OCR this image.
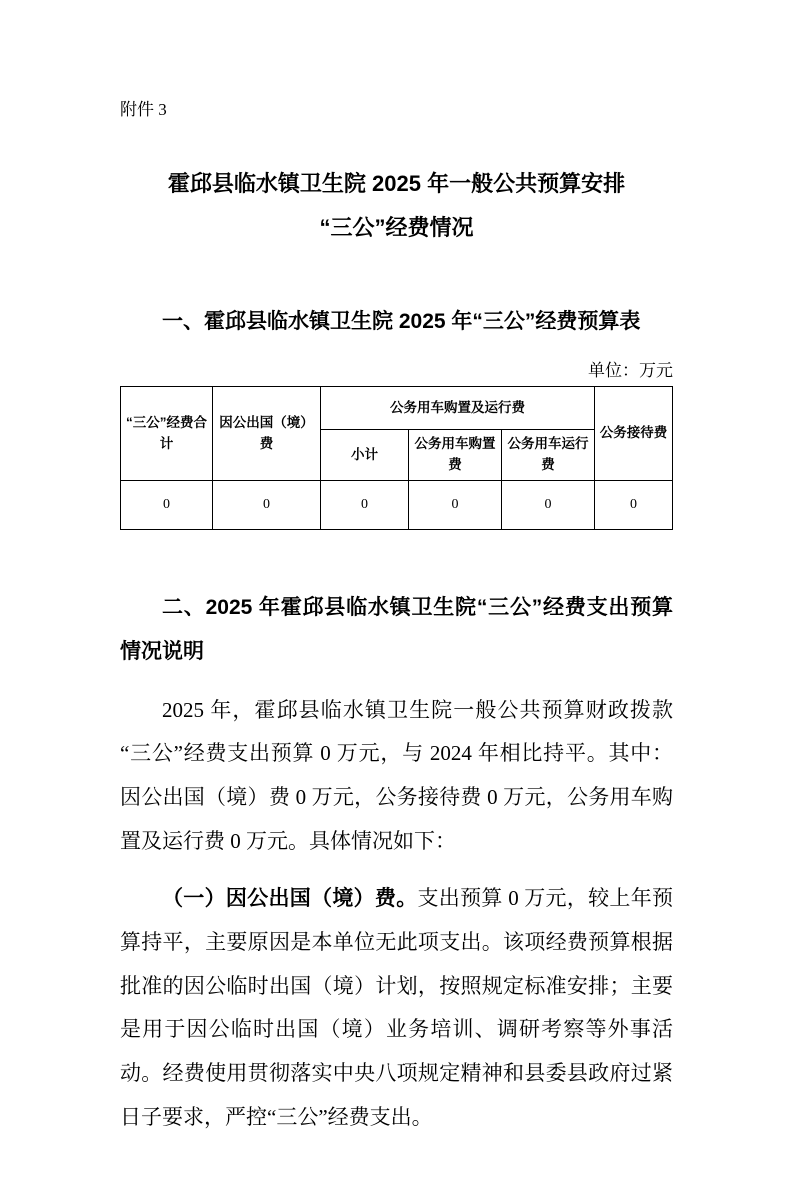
附件 3
霍邱县临水镇卫生院 2025 年一般公共预算安排
“三公”经费情况
一、霍邱县临水镇卫生院 2025 年“三公”经费预算表
单位：万元
“三公”经费合计	因公出国（境）费	公务用车购置及运行费			公务接待费
		小计	公务用车购置费	公务用车运行费	
0	0	0	0	0	0
二、2025 年霍邱县临水镇卫生院“三公”经费支出预算情况说明

2025 年，霍邱县临水镇卫生院一般公共预算财政拨款“三公”经费支出预算 0 万元，与 2024 年相比持平。其中：因公出国（境）费 0 万元，公务接待费 0 万元，公务用车购置及运行费 0 万元。具体情况如下：

（一）因公出国（境）费。支出预算 0 万元，较上年预算持平，主要原因是本单位无此项支出。该项经费预算根据批准的因公临时出国（境）计划，按照规定标准安排；主要是用于因公临时出国（境）业务培训、调研考察等外事活动。经费使用贯彻落实中央八项规定精神和县委县政府过紧日子要求，严控“三公”经费支出。
